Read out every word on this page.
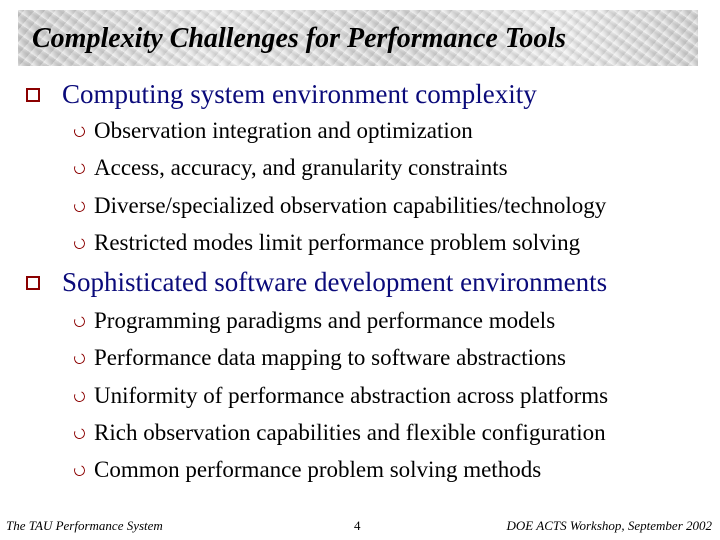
Complexity Challenges for Performance Tools
Computing system environment complexity
Observation integration and optimization
Access, accuracy, and granularity constraints
Diverse/specialized observation capabilities/technology
Restricted modes limit performance problem solving
Sophisticated software development environments
Programming paradigms and performance models
Performance data mapping to software abstractions
Uniformity of performance abstraction across platforms
Rich observation capabilities and flexible configuration
Common performance problem solving methods
The TAU Performance System	4	DOE ACTS Workshop, September 2002
